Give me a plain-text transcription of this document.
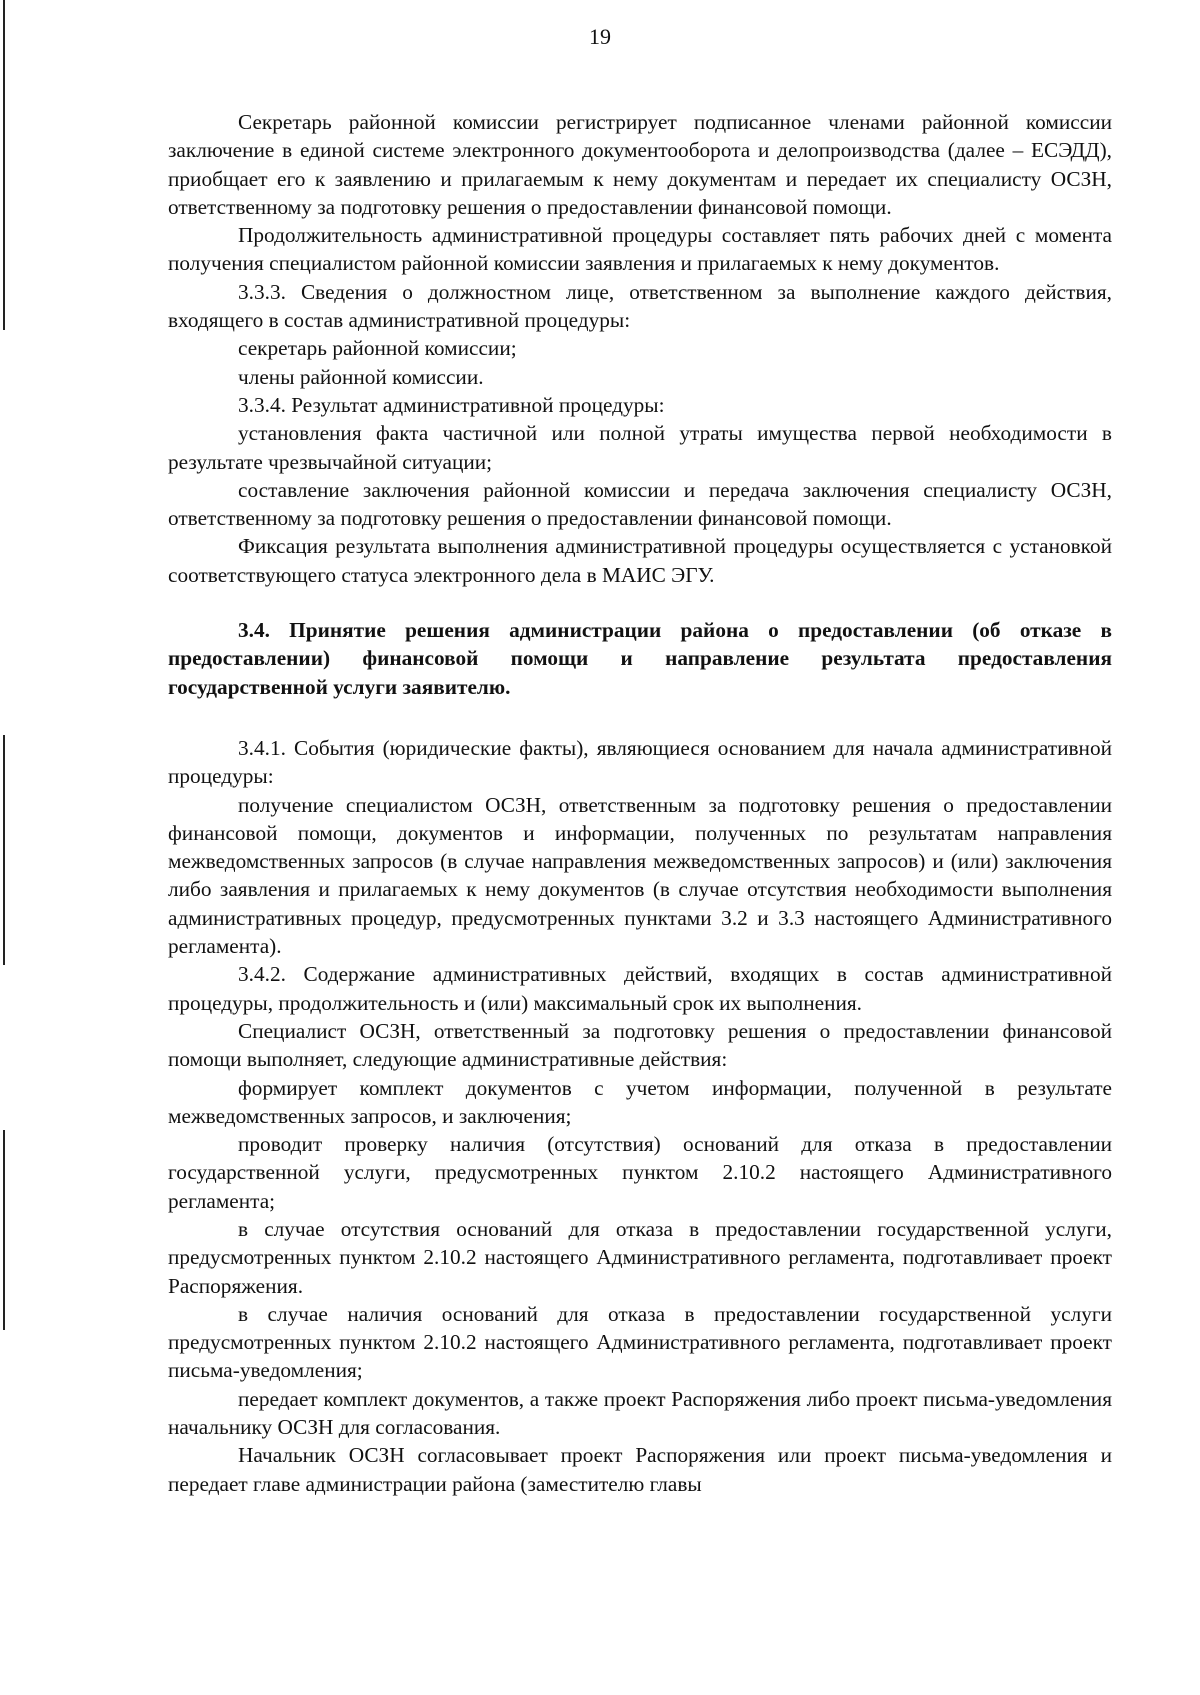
19

Секретарь районной комиссии регистрирует подписанное членами районной комиссии заключение в единой системе электронного документооборота и делопроизводства (далее – ЕСЭДД), приобщает его к заявлению и прилагаемым к нему документам и передает их специалисту ОСЗН, ответственному за подготовку решения о предоставлении финансовой помощи.

Продолжительность административной процедуры составляет пять рабочих дней с момента получения специалистом районной комиссии заявления и прилагаемых к нему документов.

3.3.3. Сведения о должностном лице, ответственном за выполнение каждого действия, входящего в состав административной процедуры:

секретарь районной комиссии;

члены районной комиссии.

3.3.4. Результат административной процедуры:

установления факта частичной или полной утраты имущества первой необходимости в результате чрезвычайной ситуации;

составление заключения районной комиссии и передача заключения специалисту ОСЗН, ответственному за подготовку решения о предоставлении финансовой помощи.

Фиксация результата выполнения административной процедуры осуществляется с установкой соответствующего статуса электронного дела в МАИС ЭГУ.

3.4. Принятие решения администрации района о предоставлении (об отказе в предоставлении) финансовой помощи и направление результата предоставления государственной услуги заявителю.

3.4.1. События (юридические факты), являющиеся основанием для начала административной процедуры:

получение специалистом ОСЗН, ответственным за подготовку решения о предоставлении финансовой помощи, документов и информации, полученных по результатам направления межведомственных запросов (в случае направления межведомственных запросов) и (или) заключения либо заявления и прилагаемых к нему документов (в случае отсутствия необходимости выполнения административных процедур, предусмотренных пунктами 3.2 и 3.3 настоящего Административного регламента).

3.4.2. Содержание административных действий, входящих в состав административной процедуры, продолжительность и (или) максимальный срок их выполнения.

Специалист ОСЗН, ответственный за подготовку решения о предоставлении финансовой помощи выполняет, следующие административные действия:

формирует комплект документов с учетом информации, полученной в результате межведомственных запросов, и заключения;

проводит проверку наличия (отсутствия) оснований для отказа в предоставлении государственной услуги, предусмотренных пунктом 2.10.2 настоящего Административного регламента;

в случае отсутствия оснований для отказа в предоставлении государственной услуги, предусмотренных пунктом 2.10.2 настоящего Административного регламента, подготавливает проект Распоряжения.

в случае наличия оснований для отказа в предоставлении государственной услуги предусмотренных пунктом 2.10.2 настоящего Административного регламента, подготавливает проект письма-уведомления;

передает комплект документов, а также проект Распоряжения либо проект письма-уведомления начальнику ОСЗН для согласования.

Начальник ОСЗН согласовывает проект Распоряжения или проект письма-уведомления и передает главе администрации района (заместителю главы
